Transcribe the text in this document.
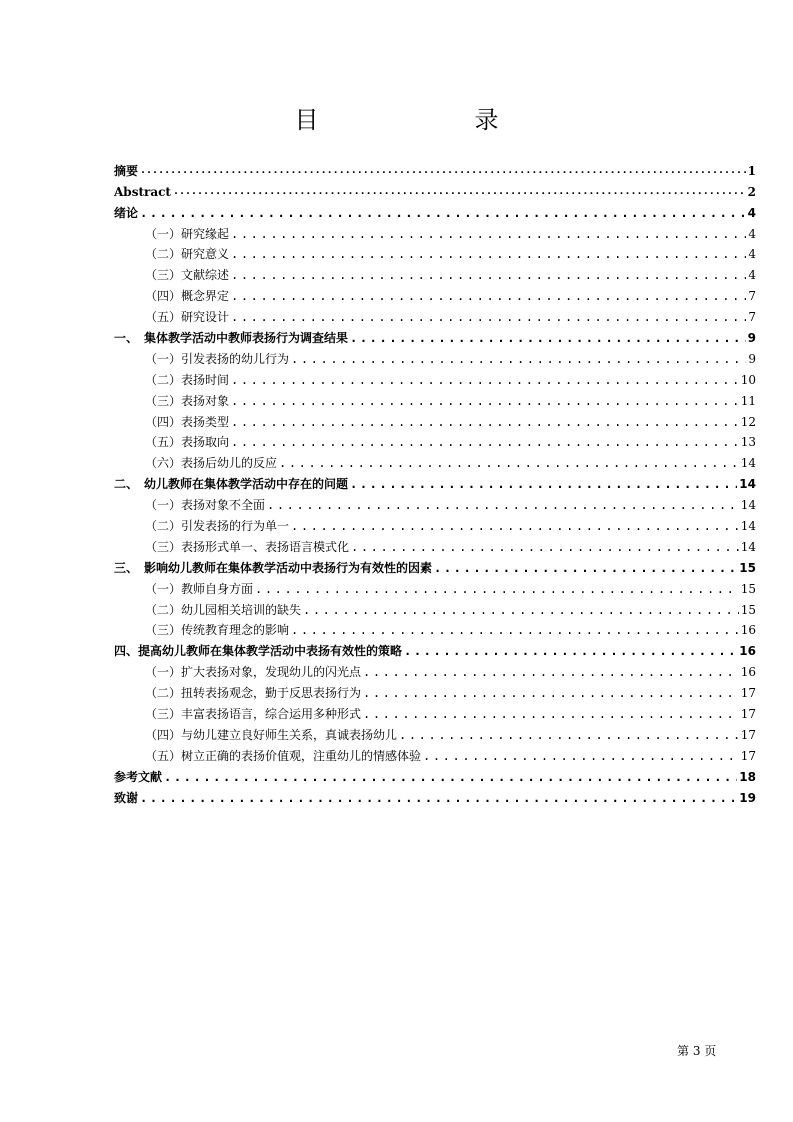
目　　录
摘要 .....	1
Abstract .....	2
绪论 .....	4
（一）研究缘起 .....	4
（二）研究意义 .....	4
（三）文献综述 .....	4
（四）概念界定 .....	7
（五）研究设计 .....	7
一、　集体教学活动中教师表扬行为调查结果 .....	9
（一）引发表扬的幼儿行为 .....	9
（二）表扬时间 .....	10
（三）表扬对象 .....	11
（四）表扬类型 .....	12
（五）表扬取向 .....	13
（六）表扬后幼儿的反应 .....	14
二、　幼儿教师在集体教学活动中存在的问题 .....	14
（一）表扬对象不全面 .....	14
（二）引发表扬的行为单一 .....	14
（三）表扬形式单一、表扬语言模式化 .....	14
三、　影响幼儿教师在集体教学活动中表扬行为有效性的因素 .....	15
（一）教师自身方面 .....	15
（二）幼儿园相关培训的缺失 .....	15
（三）传统教育理念的影响 .....	16
四、提高幼儿教师在集体教学活动中表扬有效性的策略 .....	16
（一）扩大表扬对象，发现幼儿的闪光点 .....	16
（二）扭转表扬观念，勤于反思表扬行为 .....	17
（三）丰富表扬语言，综合运用多种形式 .....	17
（四）与幼儿建立良好师生关系，真诚表扬幼儿 .....	17
（五）树立正确的表扬价值观，注重幼儿的情感体验 .....	17
参考文献 .....	18
致谢 .....	19
第 3 页
